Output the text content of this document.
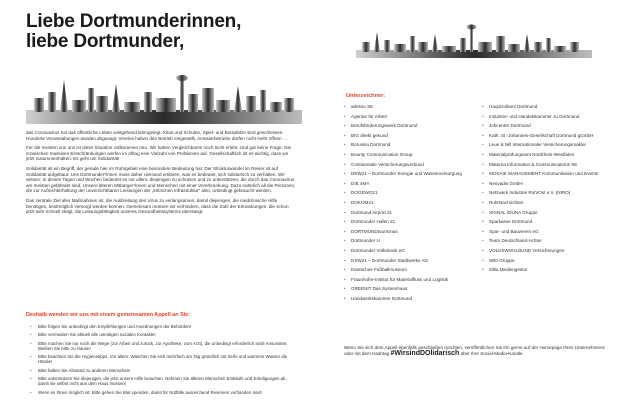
Liebe Dortmunderinnen,
liebe Dortmunder,

das Coronavirus hat das öffentliche Leben weitgehend lahmgelegt. Kitas und Schulen, Spiel- und Bolzplätze sind geschlossen. Hunderte Veranstaltungen wurden abgesagt. Vereine haben den Betrieb eingestellt. Amüsierbetriebe dürfen nicht mehr öffnen …

Für die meisten von uns ist diese Situation vollkommen neu. Wir haben Vergleichbares noch nicht erlebt. Und gar keine Frage: Die inzwischen massiven Einschränkungen werfen im Alltag eine Vielzahl von Problemen auf. Gesellschaftlich ist es wichtig, dass wir jetzt zusammenhalten. Es geht um Solidarität!

Solidarität ist ein Begriff, der gerade hier im Ruhrgebiet eine besondere Bedeutung hat. Der Strukturwandel im Revier ist auf Solidarität aufgebaut. Uns Dortmunder*innen muss daher niemand erklären, was es bedeutet, sich solidarisch zu verhalten. Wir wissen: In diesen Tagen und Wochen bedeutet es vor allem, diejenigen zu schützen und zu unterstützen, die durch das Coronavirus am meisten gefährdet sind. Unsere älteren Mitbürger*innen und Menschen mit einer Vorerkrankung. Dazu natürlich all die Personen, die zur Aufrechterhaltung der unverzichtbaren Leistungen der „kritischen Infrastruktur“ also, unbedingt gebraucht werden.

Das zentrale Ziel aller Maßnahmen ist, die Ausbreitung des Virus zu verlangsamen, damit diejenigen, die medizinische Hilfe benötigen, bestmöglich versorgt werden können. Gemeinsam müssen wir verhindern, dass die Zahl der Erkrankungen, die schon jetzt sehr schnell steigt, die Leistungsfähigkeit unseres Gesundheitssystems übersteigt.

Deshalb wenden wir uns mit einem gemeinsamen Appell an Sie:
• Bitte folgen Sie unbedingt den Empfehlungen und Anordnungen der Behörden!
• Bitte vermeiden Sie aktuell alle unnötigen sozialen Kontakte!
• Bitte machen Sie nur noch die Wege (zur Arbeit und zurück, zur Apotheke, zum Arzt), die unbedingt erforderlich sind! Ansonsten: Bleiben Sie bitte zu Hause!
• Bitte beachten Sie die Hygienetipps. Vor allem: Waschen Sie sich mehrfach am Tag gründlich mit Seife und warmem Wasser die Hände!
• Bitte halten Sie Abstand zu anderen Menschen!
• Bitte unterstützen Sie diejenigen, die jetzt unsere Hilfe brauchen. Nehmen Sie älteren Menschen Einkäufe und Erledigungen ab, damit sie selbst nicht aus dem Haus müssen!
• Wenn es Ihnen möglich ist: Bitte gehen Sie Blut spenden, damit für Notfälle ausreichend Reserven vorhanden sind!
Unterzeichner:
• adesso SE
• Agentur für Arbeit
• Berufsförderungswerk Dortmund
• BIG direkt gesund
• Borussia Dortmund
• Bounty Communication Group
• Continentale Versicherungsverbund
• DEW21 – Dortmunder Energie und Wasserversorgung
• DIE 4MA
• DOGEWO21
• DOKOM21
• Dortmund Airport 21
• Dortmunder Hafen 21
• DORTMUNDtourismus
• Dortmunder U
• Dortmunder Volksbank eG
• DSW21 – Dortmunder Stadtwerke AG
• Deutsches Fußballmuseum
• Fraunhofer-Institut für Materialfluss und Logistik
• GREENIT Das Systemhaus
• Handwerkskammer Dortmund
• Hauptzollamt Dortmund
• Industrie- und Handelskammer zu Dortmund
• Jobcenter Dortmund
• Kath. St.-Johannes-Gesellschaft Dortmund gGmbH
• Leue & Nill Internationaler Versicherungsmakler
• Materialprüfungsamt Nordrhein-Westfalen
• Materna Information & Communications SE
• MOSAIK MANAGEMENT Kommunikation und Events
• Neovadis GmbH
• Netzwerk Industrie RuhrOst e.V. (NIRO)
• RuhrNachrichten
• SIGNAL IDUNA Gruppe
• Sparkasse Dortmund
• Spar- und Bauverein eG
• Team Deutschland-Achter
• VOLKSWOHLBUND Versicherungen
• Wilo Gruppe
• Zillia Mediengestur
Wenn Sie sich dem Appell ebenfalls anschließen möchten, veröffentlichen Sie ihn gerne auf der Homepage Ihres Unternehmens oder mit dem Hashtag #WirsindDOlidarisch über Ihre Social-Media-Kanäle.
